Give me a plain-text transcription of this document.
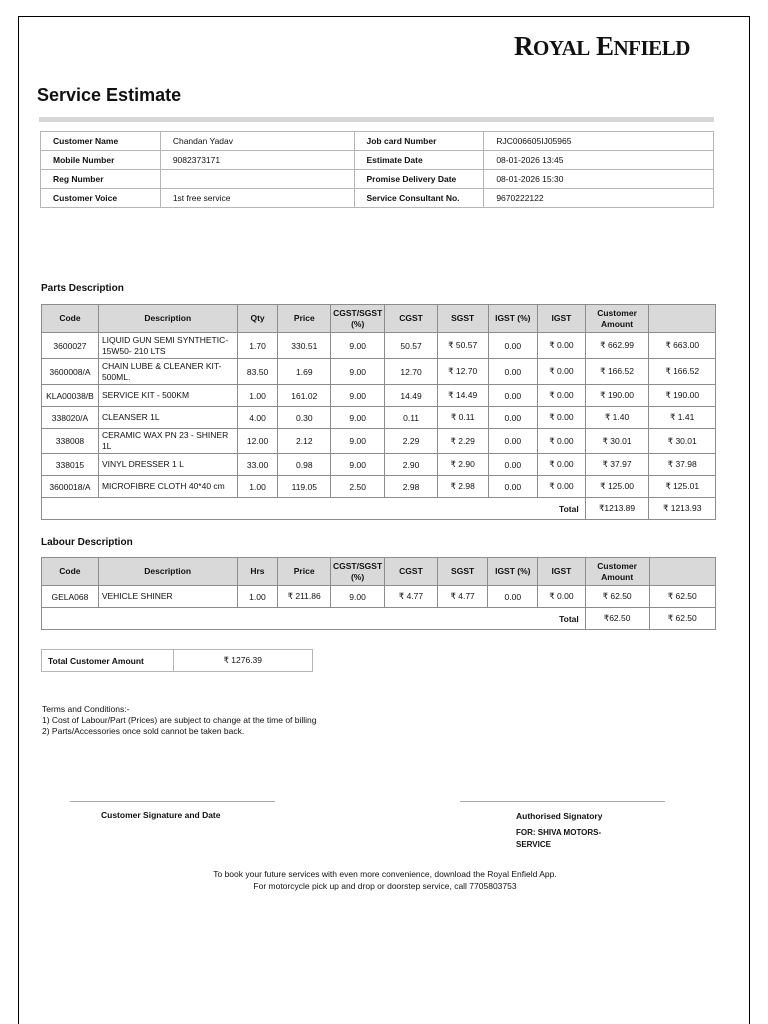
ROYAL ENFIELD
Service Estimate
Customer Name	Chandan Yadav	Job card Number	RJC006605IJ05965
Mobile Number	9082373171	Estimate Date	08-01-2026 13:45
Reg Number		Promise Delivery Date	08-01-2026 15:30
Customer Voice	1st free service	Service Consultant No.	9670222122
Parts Description
Code	Description	Qty	Price	CGST/SGST (%)	CGST	SGST	IGST (%)	IGST	Customer Amount	
3600027	LIQUID GUN SEMI SYNTHETIC-15W50- 210 LTS	1.70	330.51	9.00	50.57	₹ 50.57	0.00	₹ 0.00	₹ 662.99	₹ 663.00
3600008/A	CHAIN LUBE & CLEANER KIT-500ML.	83.50	1.69	9.00	12.70	₹ 12.70	0.00	₹ 0.00	₹ 166.52	₹ 166.52
KLA00038/B	SERVICE KIT - 500KM	1.00	161.02	9.00	14.49	₹ 14.49	0.00	₹ 0.00	₹ 190.00	₹ 190.00
338020/A	CLEANSER 1L	4.00	0.30	9.00	0.11	₹ 0.11	0.00	₹ 0.00	₹ 1.40	₹ 1.41
338008	CERAMIC WAX PN 23 - SHINER 1L	12.00	2.12	9.00	2.29	₹ 2.29	0.00	₹ 0.00	₹ 30.01	₹ 30.01
338015	VINYL DRESSER 1 L	33.00	0.98	9.00	2.90	₹ 2.90	0.00	₹ 0.00	₹ 37.97	₹ 37.98
3600018/A	MICROFIBRE CLOTH 40*40 cm	1.00	119.05	2.50	2.98	₹ 2.98	0.00	₹ 0.00	₹ 125.00	₹ 125.01
Total									₹1213.89	₹ 1213.93
Labour Description
Code	Description	Hrs	Price	CGST/SGST (%)	CGST	SGST	IGST (%)	IGST	Customer Amount	
GELA068	VEHICLE SHINER	1.00	₹ 211.86	9.00	₹ 4.77	₹ 4.77	0.00	₹ 0.00	₹ 62.50	₹ 62.50
Total									₹62.50	₹ 62.50
Total Customer Amount	₹ 1276.39
Terms and Conditions:-
1) Cost of Labour/Part (Prices) are subject to change at the time of billing
2) Parts/Accessories once sold cannot be taken back.
Customer Signature and Date	Authorised Signatory
FOR: SHIVA MOTORS-
SERVICE
To book your future services with even more convenience, download the Royal Enfield App.
For motorcycle pick up and drop or doorstep service, call 7705803753
